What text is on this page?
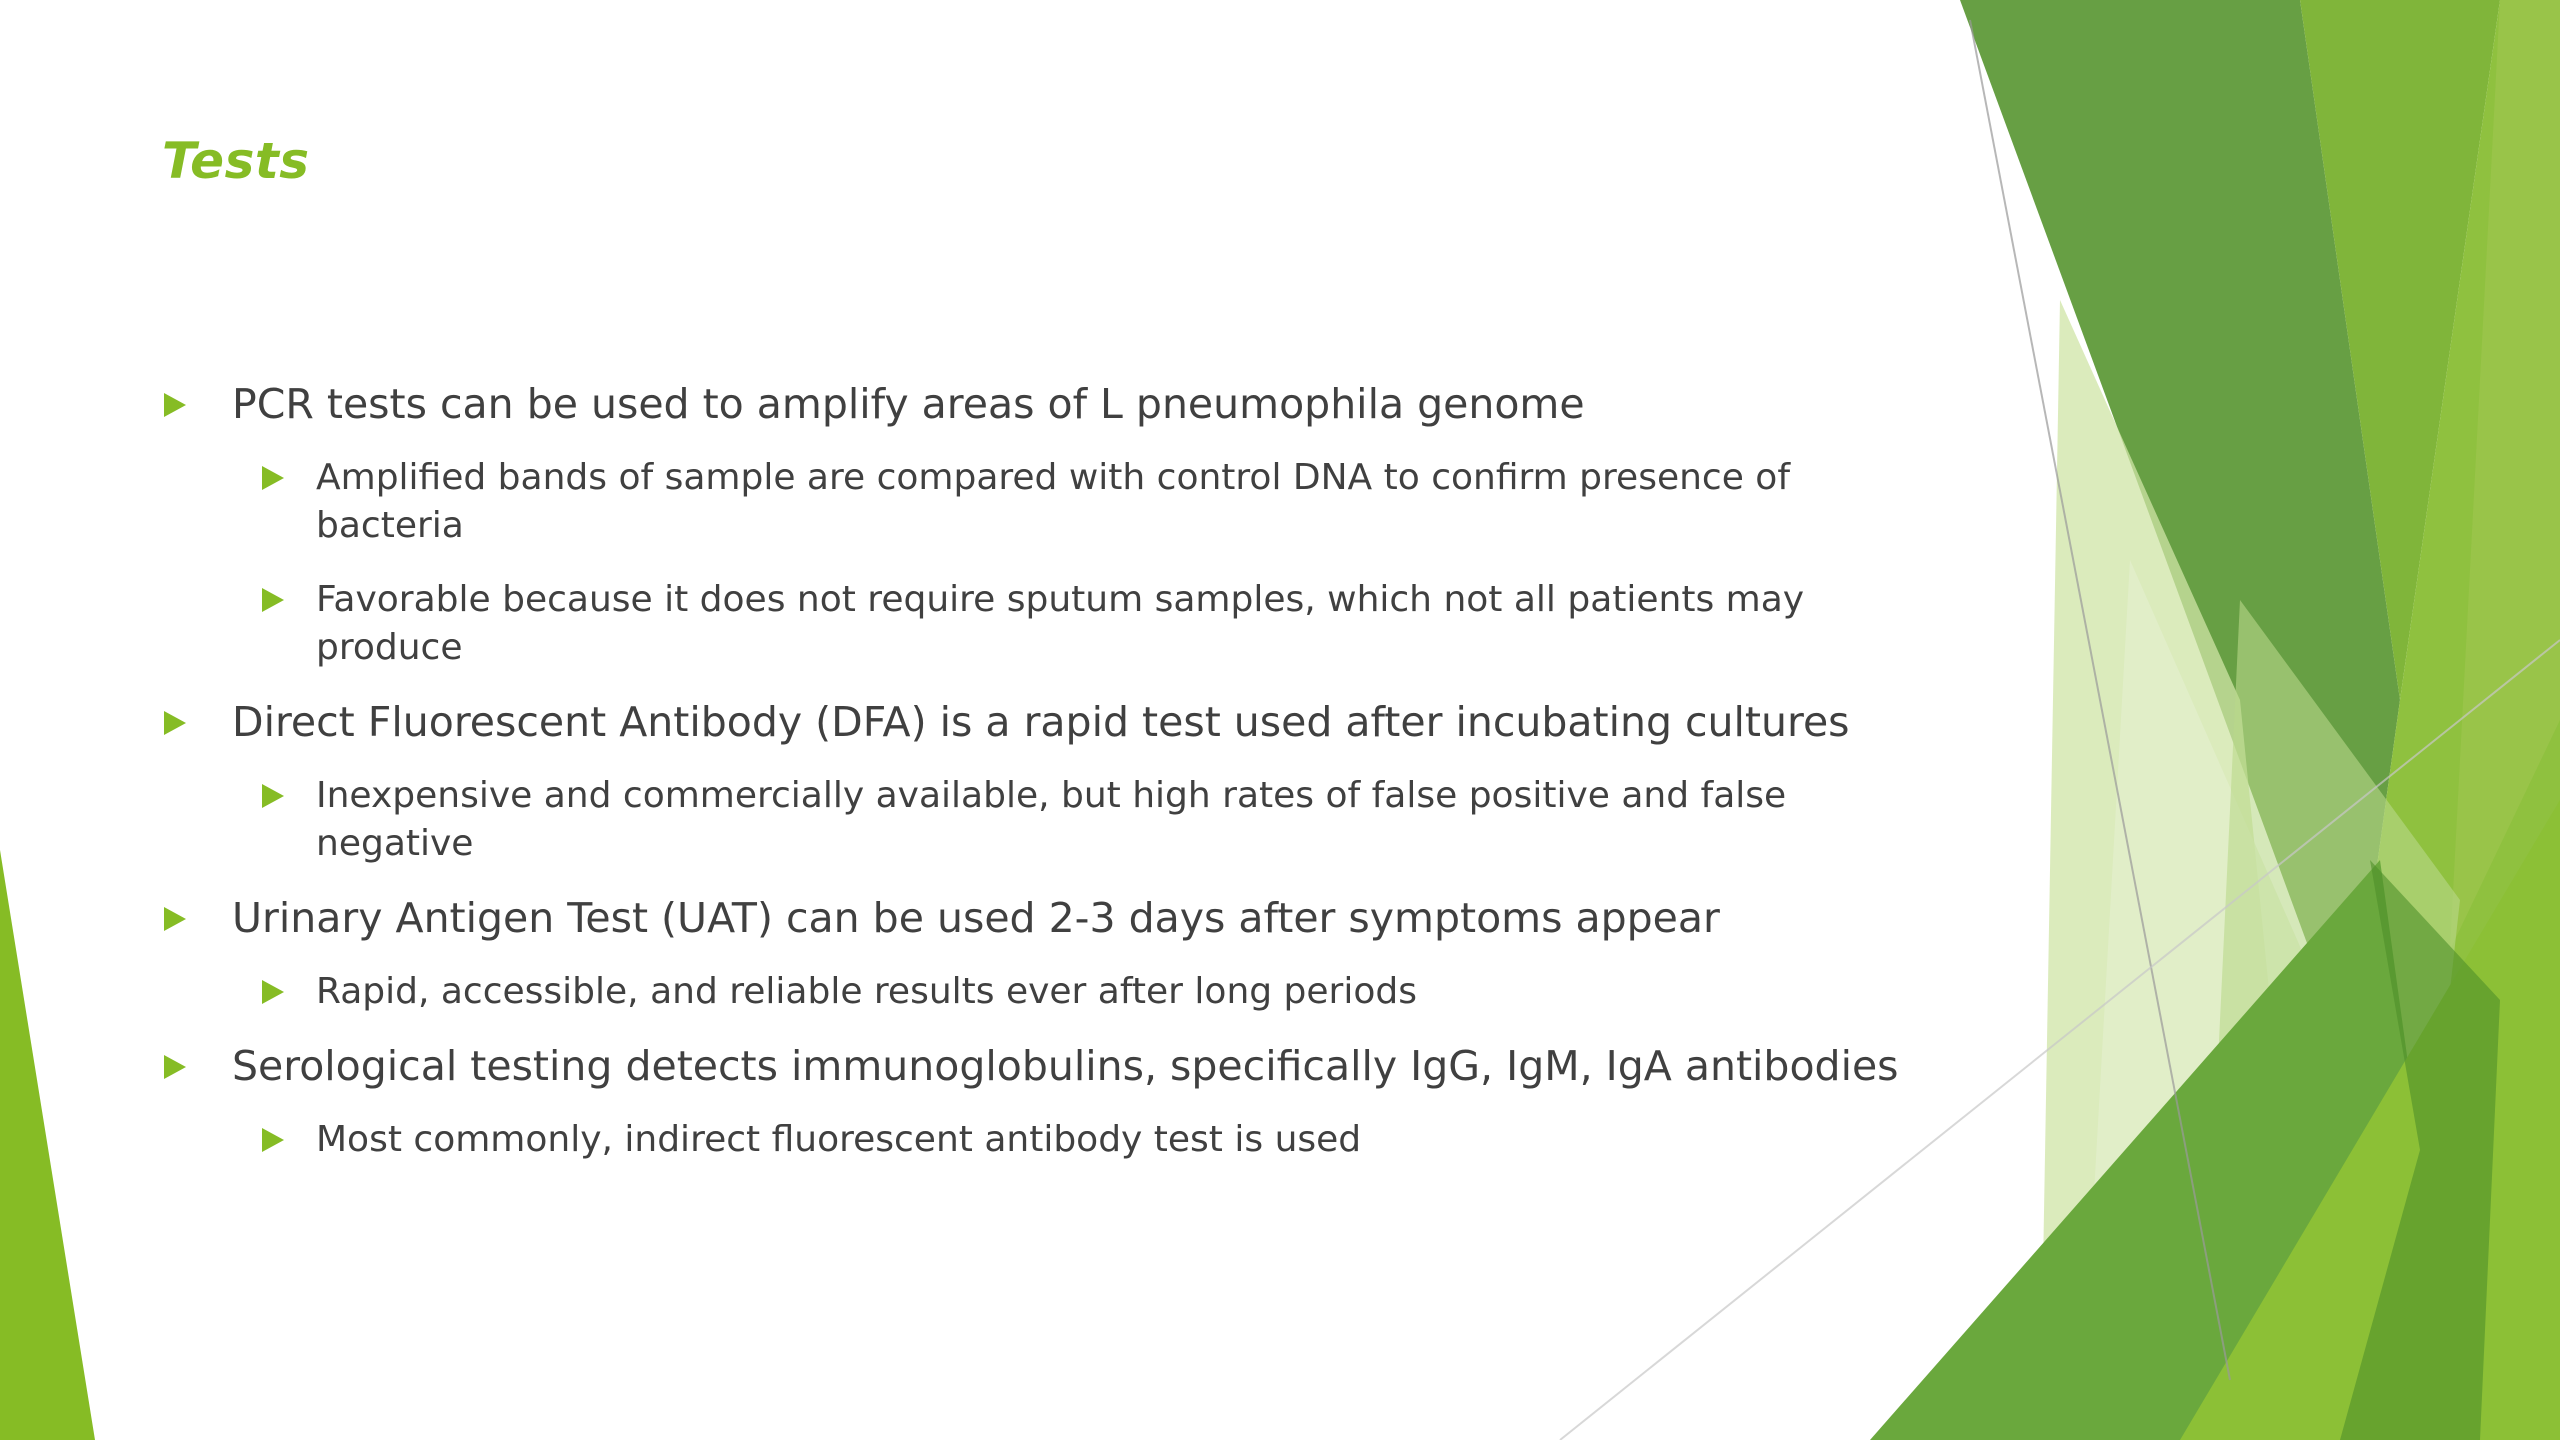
Tests

PCR tests can be used to amplify areas of L pneumophila genome

Amplified bands of sample are compared with control DNA to confirm presence of bacteria

Favorable because it does not require sputum samples, which not all patients may produce

Direct Fluorescent Antibody (DFA) is a rapid test used after incubating cultures

Inexpensive and commercially available, but high rates of false positive and false negative

Urinary Antigen Test (UAT) can be used 2-3 days after symptoms appear

Rapid, accessible, and reliable results ever after long periods

Serological testing detects immunoglobulins, specifically IgG, IgM, IgA antibodies

Most commonly, indirect fluorescent antibody test is used
